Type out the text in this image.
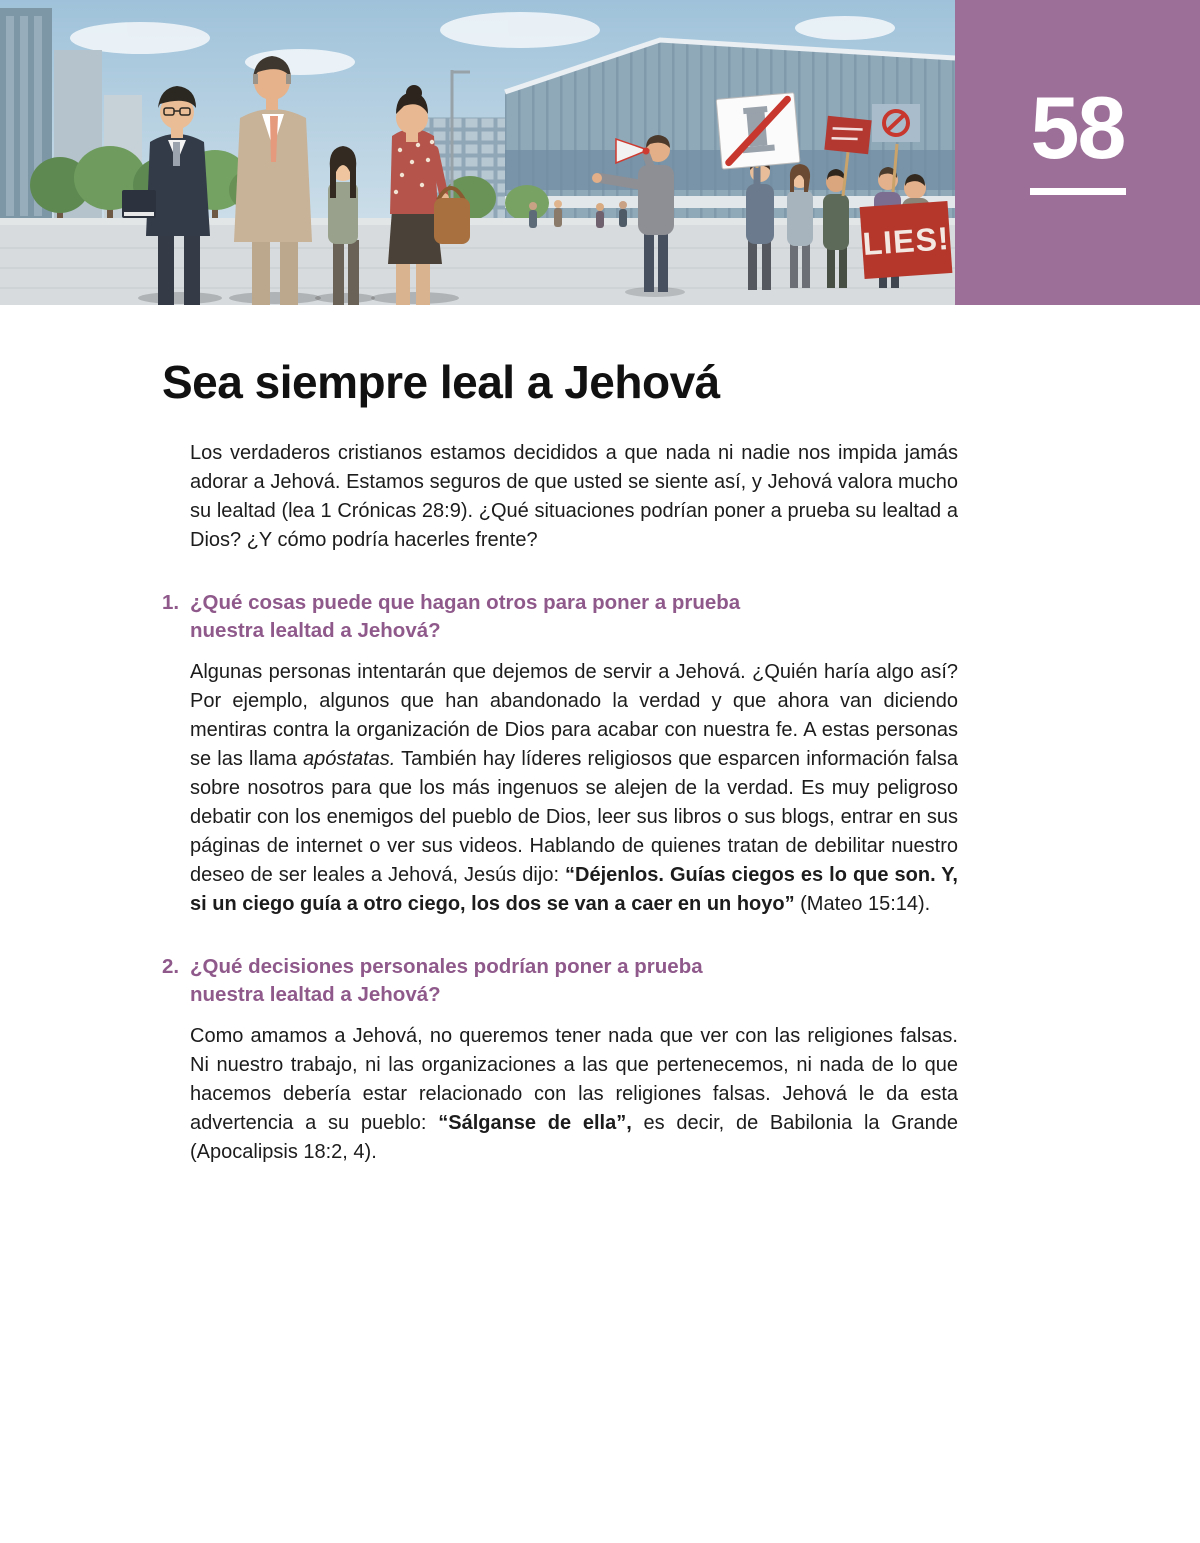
LIES!
58
Sea siempre leal a Jehová

Los verdaderos cristianos estamos decididos a que nada ni nadie nos impida jamás adorar a Jehová. Estamos seguros de que usted se siente así, y Jehová valora mucho su lealtad (lea 1 Crónicas 28:9). ¿Qué situaciones podrían poner a prueba su lealtad a Dios? ¿Y cómo podría hacerles frente?

1. ¿Qué cosas puede que hagan otros para poner a prueba nuestra lealtad a Jehová?

Algunas personas intentarán que dejemos de servir a Jehová. ¿Quién haría algo así? Por ejemplo, algunos que han abandonado la verdad y que ahora van diciendo mentiras contra la organización de Dios para acabar con nuestra fe. A estas personas se las llama apóstatas. También hay líderes religiosos que esparcen información falsa sobre nosotros para que los más ingenuos se alejen de la verdad. Es muy peligroso debatir con los enemigos del pueblo de Dios, leer sus libros o sus blogs, entrar en sus páginas de internet o ver sus videos. Hablando de quienes tratan de debilitar nuestro deseo de ser leales a Jehová, Jesús dijo: “Déjenlos. Guías ciegos es lo que son. Y, si un ciego guía a otro ciego, los dos se van a caer en un hoyo” (Mateo 15:14).

2. ¿Qué decisiones personales podrían poner a prueba nuestra lealtad a Jehová?

Como amamos a Jehová, no queremos tener nada que ver con las religiones falsas. Ni nuestro trabajo, ni las organizaciones a las que pertenecemos, ni nada de lo que hacemos debería estar relacionado con las religiones falsas. Jehová le da esta advertencia a su pueblo: “Sálganse de ella”, es decir, de Babilonia la Grande (Apocalipsis 18:2, 4).
